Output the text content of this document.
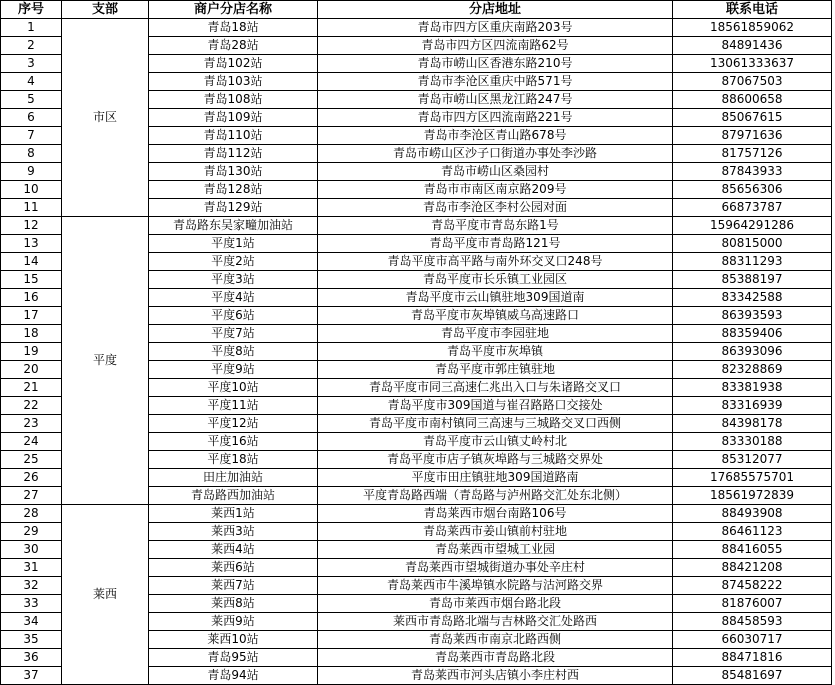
序号	支部	商户分店名称	分店地址	联系电话
1	市区	青岛18站	青岛市四方区重庆南路203号	18561859062
2		青岛28站	青岛市四方区四流南路62号	84891436
3		青岛102站	青岛市崂山区香港东路210号	13061333637
4		青岛103站	青岛市李沧区重庆中路571号	87067503
5		青岛108站	青岛市崂山区黑龙江路247号	88600658
6		青岛109站	青岛市四方区四流南路221号	85067615
7		青岛110站	青岛市李沧区青山路678号	87971636
8		青岛112站	青岛市崂山区沙子口街道办事处李沙路	81757126
9		青岛130站	青岛市崂山区桑园村	87843933
10		青岛128站	青岛市市南区南京路209号	85656306
11		青岛129站	青岛市李沧区李村公园对面	66873787
12	平度	青岛路东吴家疃加油站	青岛平度市青岛东路1号	15964291286
13		平度1站	青岛平度市青岛路121号	80815000
14		平度2站	青岛平度市高平路与南外环交叉口248号	88311293
15		平度3站	青岛平度市长乐镇工业园区	85388197
16		平度4站	青岛平度市云山镇驻地309国道南	83342588
17		平度6站	青岛平度市灰埠镇威乌高速路口	86393593
18		平度7站	青岛平度市李园驻地	88359406
19		平度8站	青岛平度市灰埠镇	86393096
20		平度9站	青岛平度市郭庄镇驻地	82328869
21		平度10站	青岛平度市同三高速仁兆出入口与朱诸路交叉口	83381938
22		平度11站	青岛平度市309国道与崔召路路口交接处	83316939
23		平度12站	青岛平度市南村镇同三高速与三城路交叉口西侧	84398178
24		平度16站	青岛平度市云山镇丈岭村北	83330188
25		平度18站	青岛平度市店子镇灰埠路与三城路交界处	85312077
26		田庄加油站	平度市田庄镇驻地309国道路南	17685575701
27		青岛路西加油站	平度青岛路西端（青岛路与泸州路交汇处东北侧）	18561972839
28	莱西	莱西1站	青岛莱西市烟台南路106号	88493908
29		莱西3站	青岛莱西市姜山镇前村驻地	86461123
30		莱西4站	青岛莱西市望城工业园	88416055
31		莱西6站	青岛莱西市望城街道办事处辛庄村	88421208
32		莱西7站	青岛莱西市牛溪埠镇水院路与沽河路交界	87458222
33		莱西8站	青岛市莱西市烟台路北段	81876007
34		莱西9站	莱西市青岛路北端与吉林路交汇处路西	88458593
35		莱西10站	青岛莱西市南京北路西侧	66030717
36		青岛95站	青岛莱西市青岛路北段	88471816
37		青岛94站	青岛莱西市河头店镇小李庄村西	85481697
